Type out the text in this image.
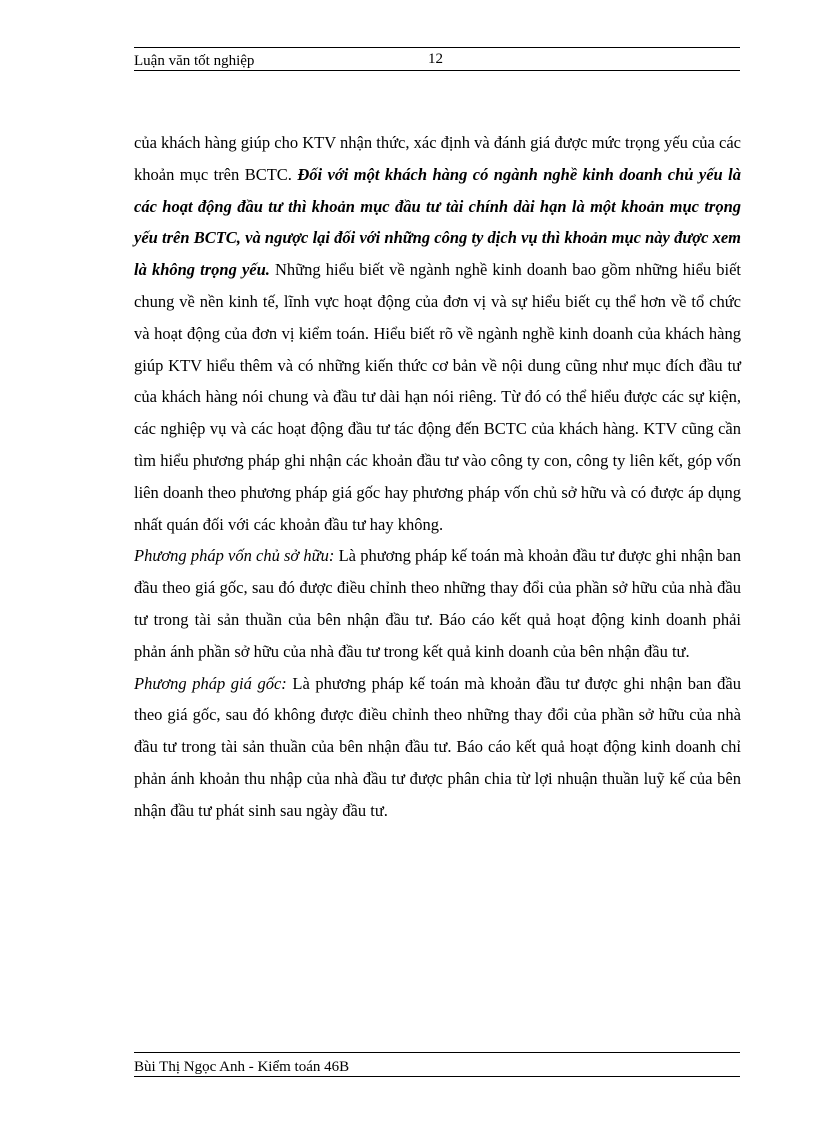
Luận văn tốt nghiệp	12

của khách hàng giúp cho KTV nhận thức, xác định và đánh giá được mức trọng yếu của các khoản mục trên BCTC. Đối với một khách hàng có ngành nghề kinh doanh chủ yếu là các hoạt động đầu tư thì khoản mục đầu tư tài chính dài hạn là một khoản mục trọng yếu trên BCTC, và ngược lại đối với những công ty dịch vụ thì khoản mục này được xem là không trọng yếu. Những hiểu biết về ngành nghề kinh doanh bao gồm những hiểu biết chung về nền kinh tế, lĩnh vực hoạt động của đơn vị và sự hiểu biết cụ thể hơn về tổ chức và hoạt động của đơn vị kiểm toán. Hiểu biết rõ về ngành nghề kinh doanh của khách hàng giúp KTV hiểu thêm và có những kiến thức cơ bản về nội dung cũng như mục đích đầu tư của khách hàng nói chung và đầu tư dài hạn nói riêng. Từ đó có thể hiểu được các sự kiện, các nghiệp vụ và các hoạt động đầu tư tác động đến BCTC của khách hàng. KTV cũng cần tìm hiểu phương pháp ghi nhận các khoản đầu tư vào công ty con, công ty liên kết, góp vốn liên doanh theo phương pháp giá gốc hay phương pháp vốn chủ sở hữu và có được áp dụng nhất quán đối với các khoản đầu tư hay không.

Phương pháp vốn chủ sở hữu: Là phương pháp kế toán mà khoản đầu tư được ghi nhận ban đầu theo giá gốc, sau đó được điều chỉnh theo những thay đổi của phần sở hữu của nhà đầu tư trong tài sản thuần của bên nhận đầu tư. Báo cáo kết quả hoạt động kinh doanh phải phản ánh phần sở hữu của nhà đầu tư trong kết quả kinh doanh của bên nhận đầu tư.

Phương pháp giá gốc: Là phương pháp kế toán mà khoản đầu tư được ghi nhận ban đầu theo giá gốc, sau đó không được điều chỉnh theo những thay đổi của phần sở hữu của nhà đầu tư trong tài sản thuần của bên nhận đầu tư. Báo cáo kết quả hoạt động kinh doanh chỉ phản ánh khoản thu nhập của nhà đầu tư được phân chia từ lợi nhuận thuần luỹ kế của bên nhận đầu tư phát sinh sau ngày đầu tư.

Bùi Thị Ngọc Anh - Kiểm toán 46B
